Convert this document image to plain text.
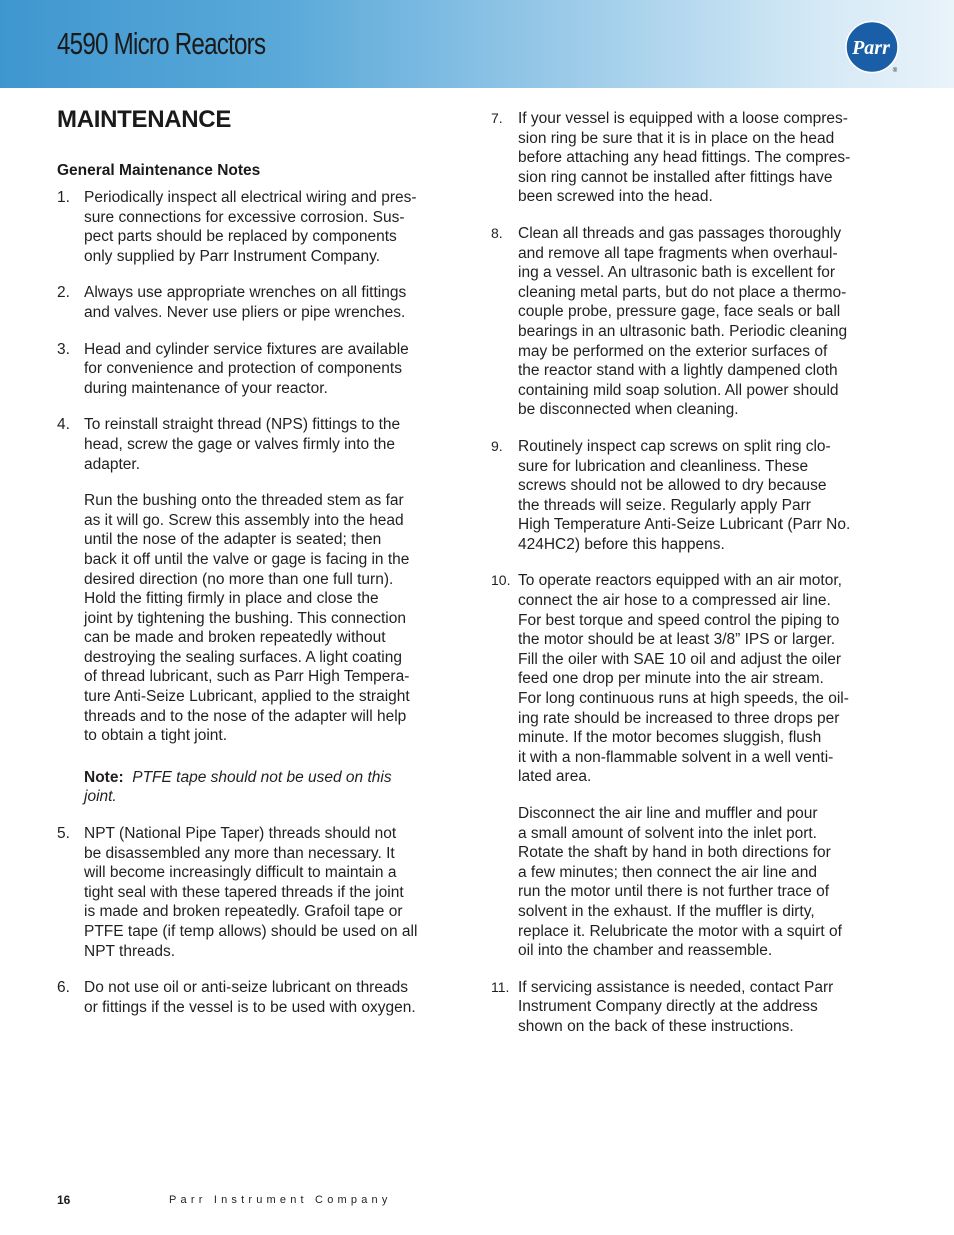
4590 Micro Reactors	Parr
®
MAINTENANCE
General Maintenance Notes
1. Periodically inspect all electrical wiring and pres-
sure connections for excessive corrosion. Sus-
pect parts should be replaced by components
only supplied by Parr Instrument Company.
2. Always use appropriate wrenches on all fittings
and valves. Never use pliers or pipe wrenches.
3. Head and cylinder service fixtures are available
for convenience and protection of components
during maintenance of your reactor.
4. To reinstall straight thread (NPS) fittings to the
head, screw the gage or valves firmly into the
adapter.
Run the bushing onto the threaded stem as far
as it will go. Screw this assembly into the head
until the nose of the adapter is seated; then
back it off until the valve or gage is facing in the
desired direction (no more than one full turn).
Hold the fitting firmly in place and close the
joint by tightening the bushing. This connection
can be made and broken repeatedly without
destroying the sealing surfaces. A light coating
of thread lubricant, such as Parr High Tempera-
ture Anti-Seize Lubricant, applied to the straight
threads and to the nose of the adapter will help
to obtain a tight joint.
Note: PTFE tape should not be used on this
joint.
5. NPT (National Pipe Taper) threads should not
be disassembled any more than necessary. It
will become increasingly difficult to maintain a
tight seal with these tapered threads if the joint
is made and broken repeatedly. Grafoil tape or
PTFE tape (if temp allows) should be used on all
NPT threads.
6. Do not use oil or anti-seize lubricant on threads
or fittings if the vessel is to be used with oxygen.
7. If your vessel is equipped with a loose compres-
sion ring be sure that it is in place on the head
before attaching any head fittings. The compres-
sion ring cannot be installed after fittings have
been screwed into the head.
8. Clean all threads and gas passages thoroughly
and remove all tape fragments when overhaul-
ing a vessel. An ultrasonic bath is excellent for
cleaning metal parts, but do not place a thermo-
couple probe, pressure gage, face seals or ball
bearings in an ultrasonic bath. Periodic cleaning
may be performed on the exterior surfaces of
the reactor stand with a lightly dampened cloth
containing mild soap solution. All power should
be disconnected when cleaning.
9. Routinely inspect cap screws on split ring clo-
sure for lubrication and cleanliness. These
screws should not be allowed to dry because
the threads will seize. Regularly apply Parr
High Temperature Anti-Seize Lubricant (Parr No.
424HC2) before this happens.
10. To operate reactors equipped with an air motor,
connect the air hose to a compressed air line.
For best torque and speed control the piping to
the motor should be at least 3/8” IPS or larger.
Fill the oiler with SAE 10 oil and adjust the oiler
feed one drop per minute into the air stream.
For long continuous runs at high speeds, the oil-
ing rate should be increased to three drops per
minute. If the motor becomes sluggish, flush
it with a non-flammable solvent in a well venti-
lated area.
Disconnect the air line and muffler and pour
a small amount of solvent into the inlet port.
Rotate the shaft by hand in both directions for
a few minutes; then connect the air line and
run the motor until there is not further trace of
solvent in the exhaust. If the muffler is dirty,
replace it. Relubricate the motor with a squirt of
oil into the chamber and reassemble.
11. If servicing assistance is needed, contact Parr
Instrument Company directly at the address
shown on the back of these instructions.
16	Parr Instrument Company
